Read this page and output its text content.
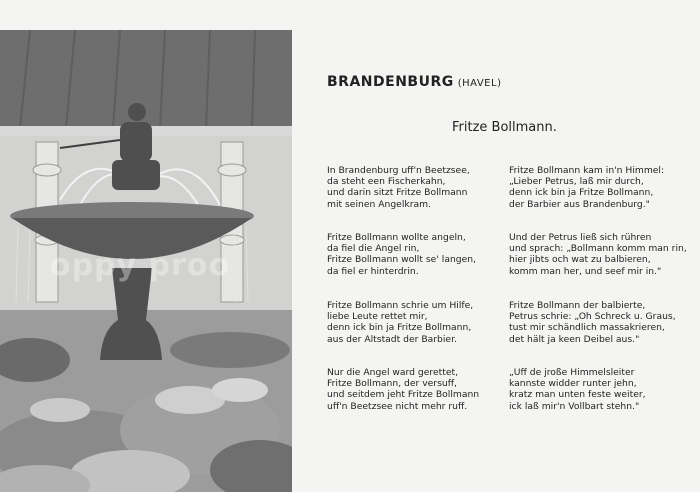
oppy proo
BRANDENBURG (HAVEL)
Fritze Bollmann.
In Brandenburg uff'n Beetzsee,
da steht een Fischerkahn,
und darin sitzt Fritze Bollmann
mit seinen Angelkram.
Fritze Bollmann wollte angeln,
da fiel die Angel rin,
Fritze Bollmann wollt se' langen,
da fiel er hinterdrin.
Fritze Bollmann schrie um Hilfe,
liebe Leute rettet mir,
denn ick bin ja Fritze Bollmann,
aus der Altstadt der Barbier.
Nur die Angel ward gerettet,
Fritze Bollmann, der versuff,
und seitdem jeht Fritze Bollmann
uff'n Beetzsee nicht mehr ruff.
Fritze Bollmann kam in'n Himmel:
„Lieber Petrus, laß mir durch,
denn ick bin ja Fritze Bollmann,
der Barbier aus Brandenburg."
Und der Petrus ließ sich rühren
und sprach: „Bollmann komm man rin,
hier jibts och wat zu balbieren,
komm man her, und seef mir in."
Fritze Bollmann der balbierte,
Petrus schrie: „Oh Schreck u. Graus,
tust mir schändlich massakrieren,
det hält ja keen Deibel aus."
„Uff de jroße Himmelsleiter
kannste widder runter jehn,
kratz man unten feste weiter,
ick laß mir'n Vollbart stehn."
